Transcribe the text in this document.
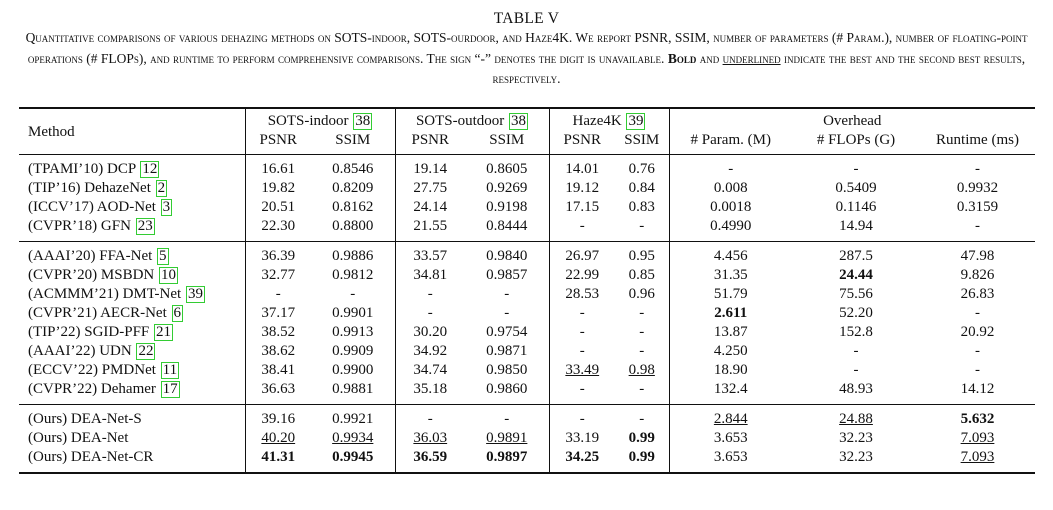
TABLE V
Quantitative comparisons of various dehazing methods on SOTS-indoor, SOTS-ourdoor, and Haze4K. We report PSNR, SSIM, number of parameters (# Param.), number of floating-point operations (# FLOPs), and runtime to perform comprehensive comparisons. The sign “-” denotes the digit is unavailable. Bold and underlined indicate the best and the second best results, respectively.
Method	SOTS-indoor 38		SOTS-outdoor 38		Haze4K 39		Overhead		
	PSNR	SSIM	PSNR	SSIM	PSNR	SSIM	# Param. (M)	# FLOPs (G)	Runtime (ms)
(TPAMI’10) DCP 12	16.61	0.8546	19.14	0.8605	14.01	0.76	-	-	-
(TIP’16) DehazeNet 2	19.82	0.8209	27.75	0.9269	19.12	0.84	0.008	0.5409	0.9932
(ICCV’17) AOD-Net 3	20.51	0.8162	24.14	0.9198	17.15	0.83	0.0018	0.1146	0.3159
(CVPR’18) GFN 23	22.30	0.8800	21.55	0.8444	-	-	0.4990	14.94	-
(AAAI’20) FFA-Net 5	36.39	0.9886	33.57	0.9840	26.97	0.95	4.456	287.5	47.98
(CVPR’20) MSBDN 10	32.77	0.9812	34.81	0.9857	22.99	0.85	31.35	24.44	9.826
(ACMMM’21) DMT-Net 39	-	-	-	-	28.53	0.96	51.79	75.56	26.83
(CVPR’21) AECR-Net 6	37.17	0.9901	-	-	-	-	2.611	52.20	-
(TIP’22) SGID-PFF 21	38.52	0.9913	30.20	0.9754	-	-	13.87	152.8	20.92
(AAAI’22) UDN 22	38.62	0.9909	34.92	0.9871	-	-	4.250	-	-
(ECCV’22) PMDNet 11	38.41	0.9900	34.74	0.9850	33.49	0.98	18.90	-	-
(CVPR’22) Dehamer 17	36.63	0.9881	35.18	0.9860	-	-	132.4	48.93	14.12
(Ours) DEA-Net-S	39.16	0.9921	-	-	-	-	2.844	24.88	5.632
(Ours) DEA-Net	40.20	0.9934	36.03	0.9891	33.19	0.99	3.653	32.23	7.093
(Ours) DEA-Net-CR	41.31	0.9945	36.59	0.9897	34.25	0.99	3.653	32.23	7.093
